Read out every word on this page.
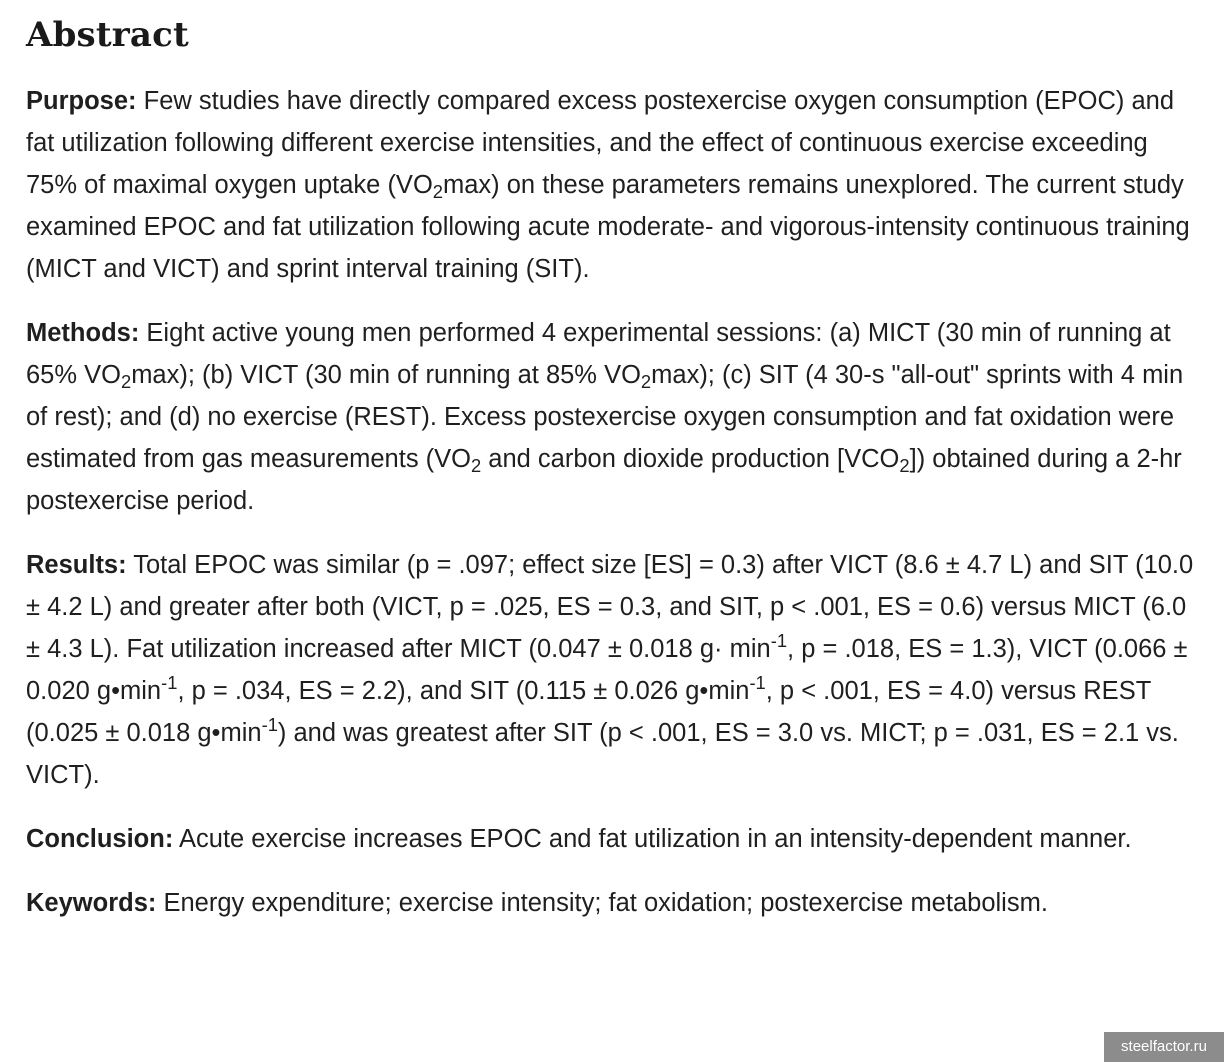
Abstract

Purpose: Few studies have directly compared excess postexercise oxygen consumption (EPOC) and fat utilization following different exercise intensities, and the effect of continuous exercise exceeding 75% of maximal oxygen uptake $(VO_2\max)$ on these parameters remains unexplored. The current study examined EPOC and fat utilization following acute moderate- and vigorous-intensity continuous training (MICT and VICT) and sprint interval training (SIT).

Methods: Eight active young men performed 4 experimental sessions: (a) MICT (30 min of running at 65% $VO_2\max$); (b) VICT (30 min of running at 85% $VO_2\max$); (c) SIT (4 30-s "all-out" sprints with 4 min of rest); and (d) no exercise (REST). Excess postexercise oxygen consumption and fat oxidation were estimated from gas measurements ($VO_2$ and carbon dioxide production $[VCO_2]$) obtained during a 2-hr postexercise period.

Results: Total EPOC was similar (p = .097; effect size [ES] = 0.3) after VICT (8.6 ± 4.7 L) and SIT (10.0 ± 4.2 L) and greater after both (VICT, p = .025, ES = 0.3, and SIT, p < .001, ES = 0.6) versus MICT (6.0 ± 4.3 L). Fat utilization increased after MICT (0.047 ± 0.018 $g\cdot \min^{-1}$, p = .018, ES = 1.3), VICT (0.066 ± 0.020 $g•\min^{-1}$, p = .034, ES = 2.2), and SIT (0.115 ± 0.026 $g•\min^{-1}$, p < .001, ES = 4.0) versus REST (0.025 ± 0.018 $g•\min^{-1}$) and was greatest after SIT (p < .001, ES = 3.0 vs. MICT; p = .031, ES = 2.1 vs. VICT).

Conclusion: Acute exercise increases EPOC and fat utilization in an intensity-dependent manner.

Keywords: Energy expenditure; exercise intensity; fat oxidation; postexercise metabolism.

steelfactor.ru
